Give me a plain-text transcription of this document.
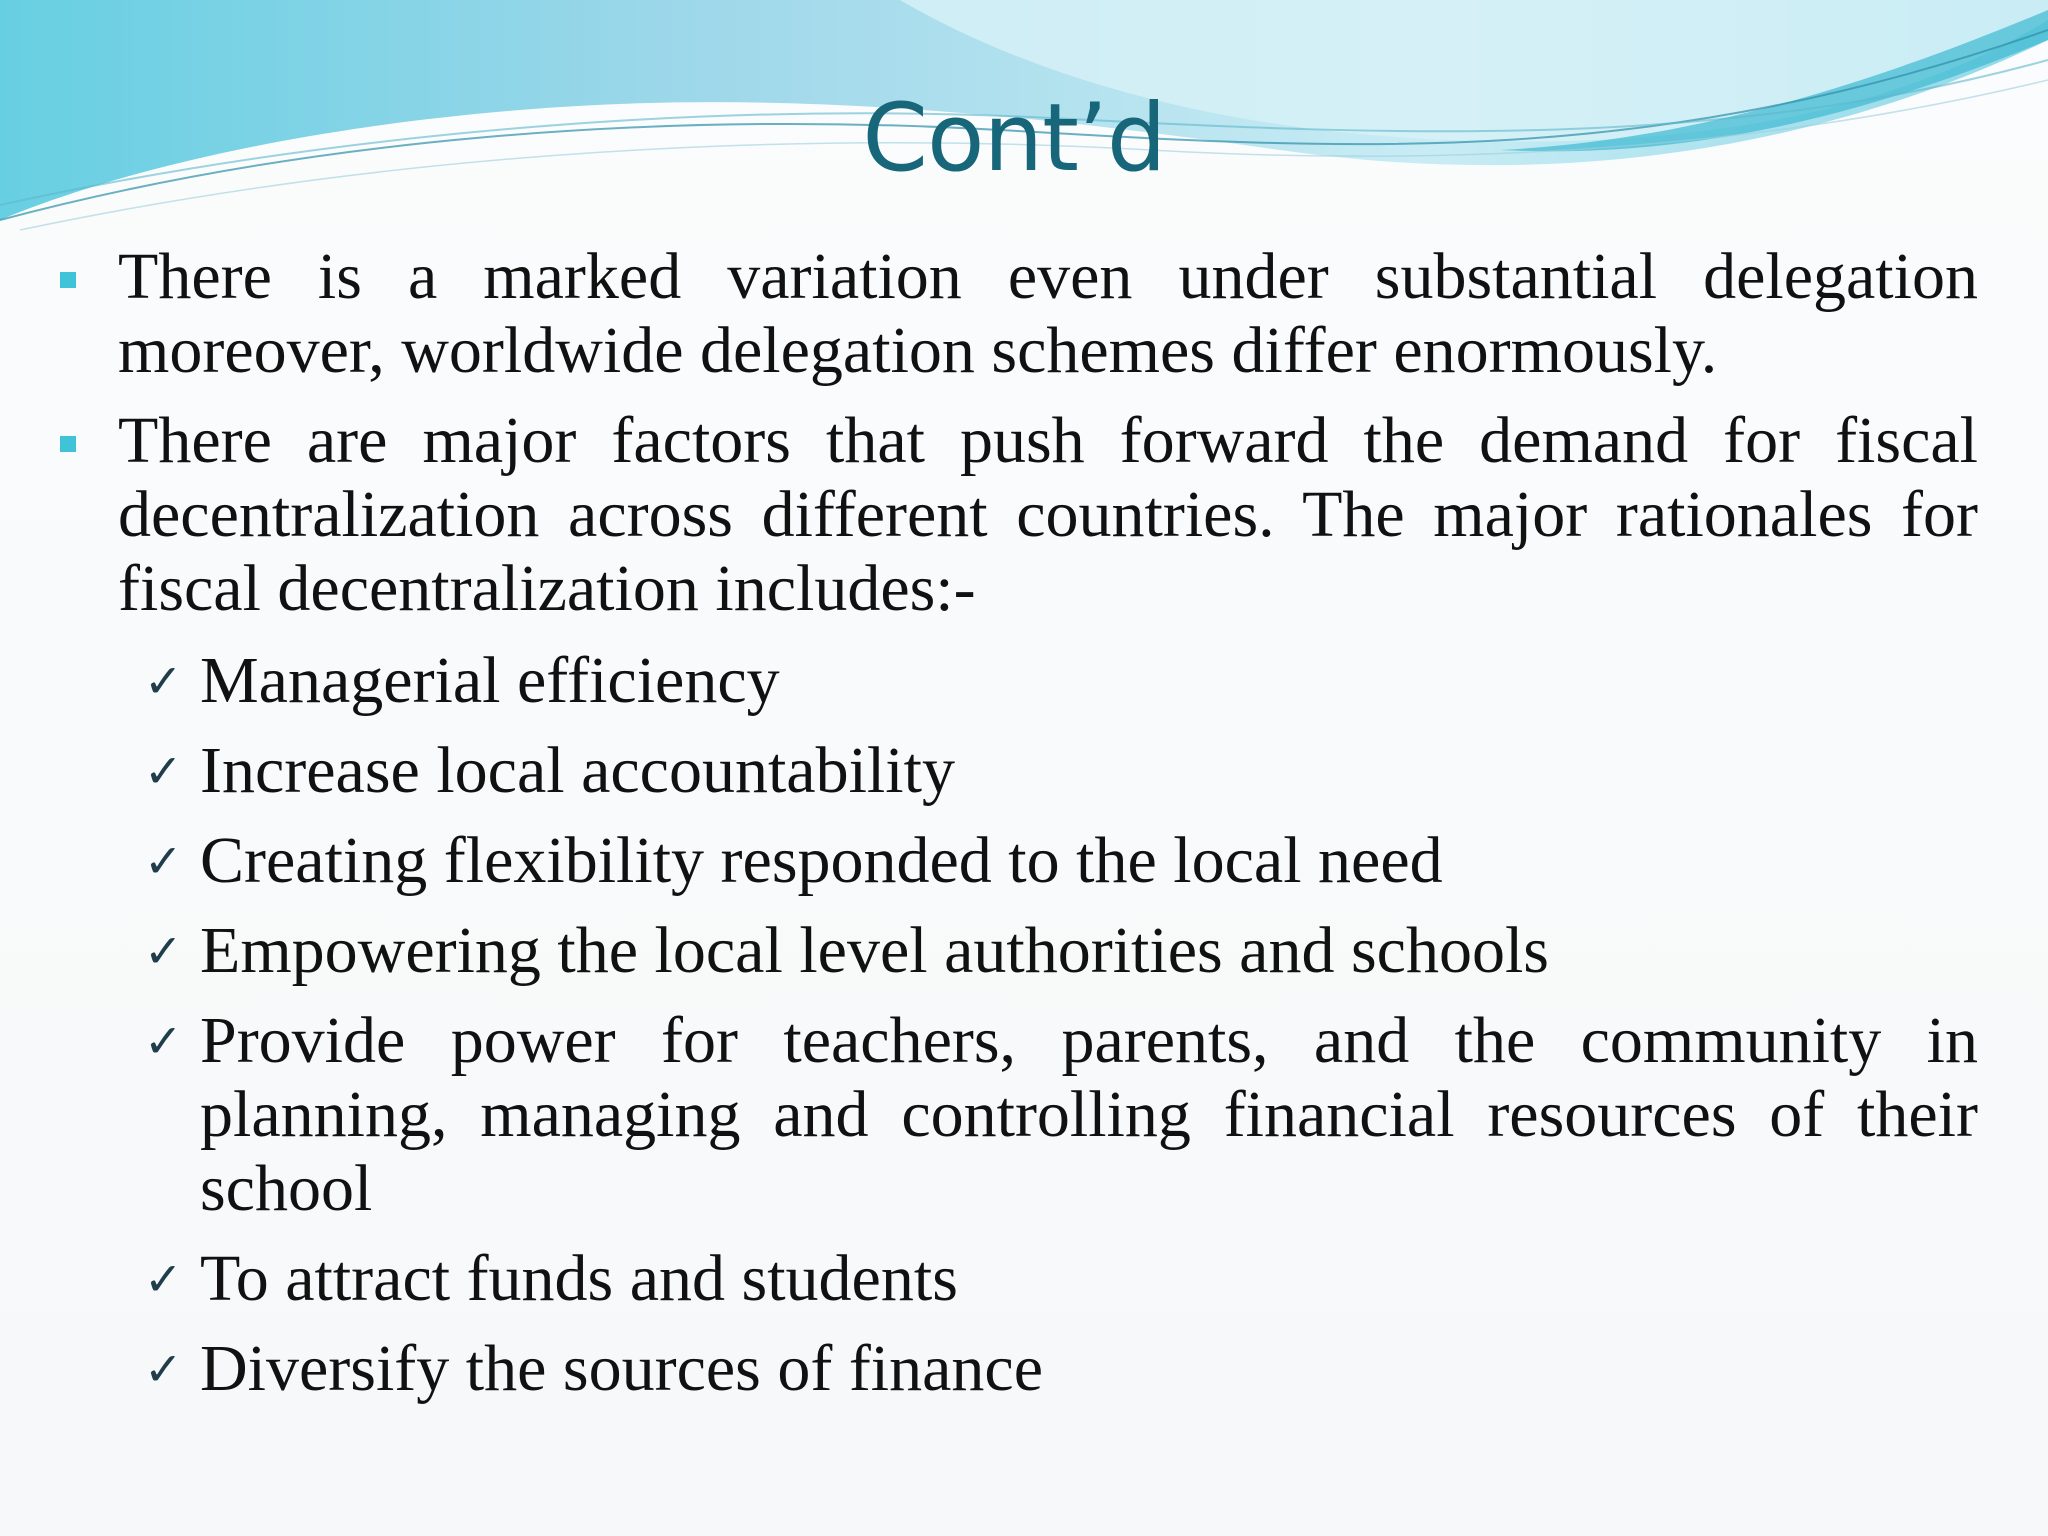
Cont’d
There is a marked variation even under substantial delegation moreover, worldwide delegation schemes differ enormously.
There are major factors that push forward the demand for fiscal decentralization across different countries. The major rationales for fiscal decentralization includes:-
✓ Managerial efficiency
✓ Increase local accountability
✓ Creating flexibility responded to the local need
✓ Empowering the local level authorities and schools
✓ Provide power for teachers, parents, and the community in planning, managing and controlling financial resources of their school
✓ To attract funds and students
✓ Diversify the sources of finance
